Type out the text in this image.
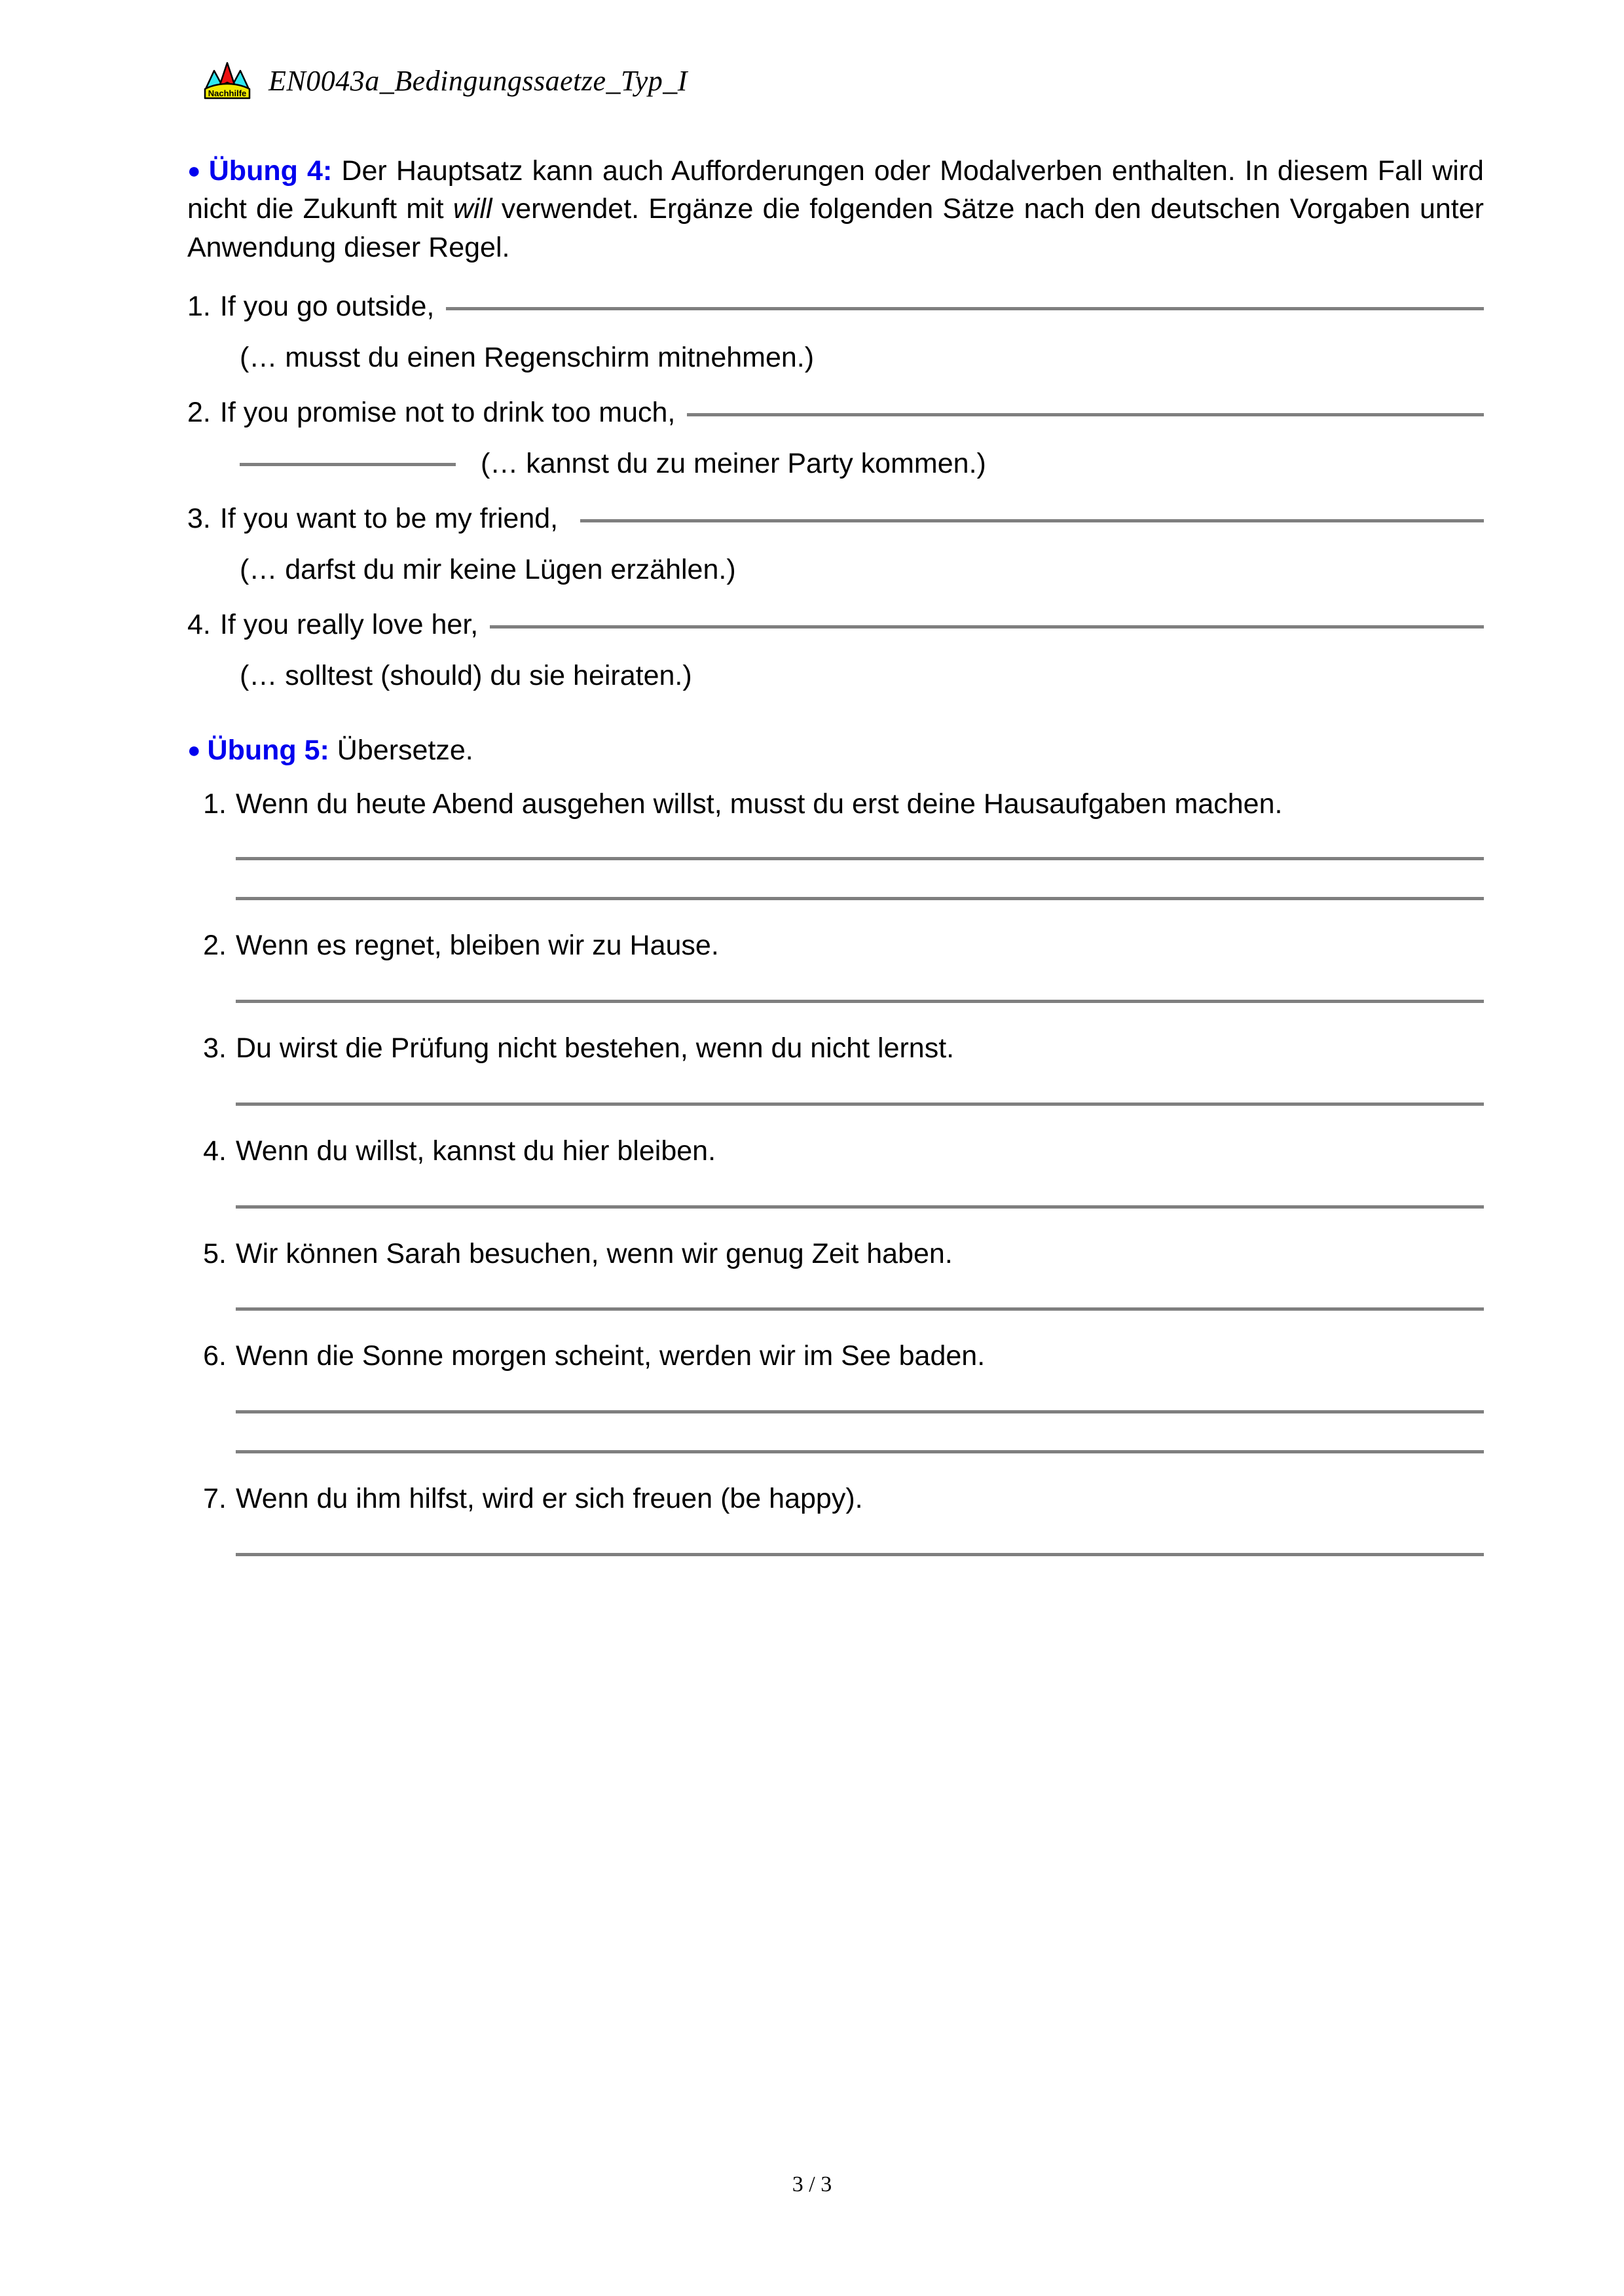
Nachhilfe EN0043a_Bedingungssaetze_Typ_I

● Übung 4: Der Hauptsatz kann auch Aufforderungen oder Modalverben enthalten. In diesem Fall wird nicht die Zukunft mit will verwendet. Ergänze die folgenden Sätze nach den deutschen Vorgaben unter Anwendung dieser Regel.

1. If you go outside,
(… musst du einen Regenschirm mitnehmen.)
2. If you promise not to drink too much,
(… kannst du zu meiner Party kommen.)
3. If you want to be my friend,
(… darfst du mir keine Lügen erzählen.)
4. If you really love her,
(… solltest (should) du sie heiraten.)

● Übung 5: Übersetze.

1. Wenn du heute Abend ausgehen willst, musst du erst deine Hausaufgaben machen.
2. Wenn es regnet, bleiben wir zu Hause.
3. Du wirst die Prüfung nicht bestehen, wenn du nicht lernst.
4. Wenn du willst, kannst du hier bleiben.
5. Wir können Sarah besuchen, wenn wir genug Zeit haben.
6. Wenn die Sonne morgen scheint, werden wir im See baden.
7. Wenn du ihm hilfst, wird er sich freuen (be happy).
3 / 3
